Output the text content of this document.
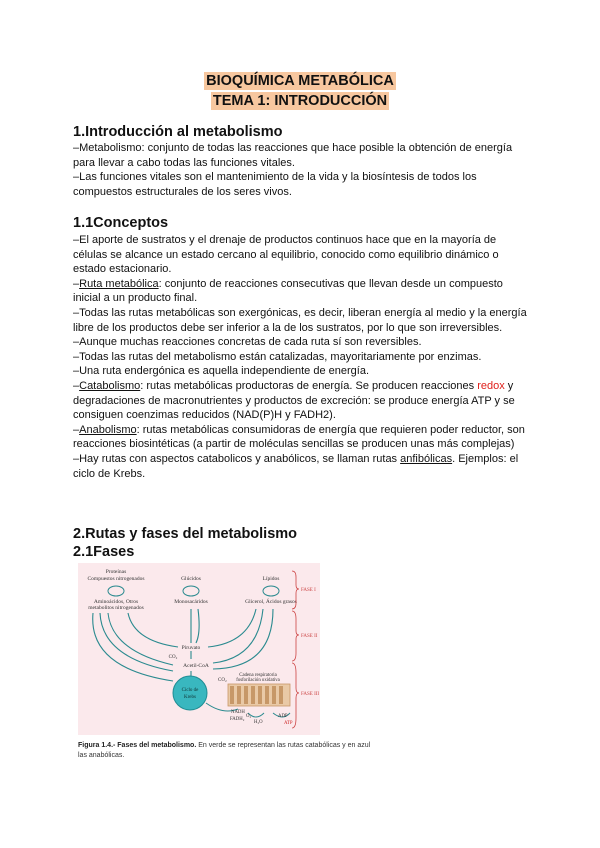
BIOQUÍMICA METABÓLICA
TEMA 1: INTRODUCCIÓN
1.Introducción al metabolismo

–Metabolismo: conjunto de todas las reacciones que hace posible la obtención de energía para llevar a cabo todas las funciones vitales.

–Las funciones vitales son el mantenimiento de la vida y la biosíntesis de todos los compuestos estructurales de los seres vivos.

1.1Conceptos

–El aporte de sustratos y el drenaje de productos continuos hace que en la mayoría de células se alcance un estado cercano al equilibrio, conocido como equilibrio dinámico o estado estacionario.

–Ruta metabólica: conjunto de reacciones consecutivas que llevan desde un compuesto inicial a un producto final.

–Todas las rutas metabólicas son exergónicas, es decir, liberan energía al medio y la energía libre de los productos debe ser inferior a la de los sustratos, por lo que son irreversibles.

–Aunque muchas reacciones concretas de cada ruta sí son reversibles.

–Todas las rutas del metabolismo están catalizadas, mayoritariamente por enzimas.

–Una ruta endergónica es aquella independiente de energía.

–Catabolismo: rutas metabólicas productoras de energía. Se producen reacciones redox y degradaciones de macronutrientes y productos de excreción: se produce energía ATP y se consiguen coenzimas reducidos (NAD(P)H y FADH2).

–Anabolismo: rutas metabólicas consumidoras de energía que requieren poder reductor, son reacciones biosintéticas (a partir de moléculas sencillas se producen unas más complejas)

–Hay rutas con aspectos catabolicos y anabólicos, se llaman rutas anfibólicas. Ejemplos: el ciclo de Krebs.

2.Rutas y fases del metabolismo
2.1Fases
Proteínas
Compuestos nitrogenados	Glúcidos	Lípidos
Aminoácidos, Otros
metabolitos nitrogenados
Monosacáridos	Glicerol, Ácidos grasos
Piruvato
CO₂
Acetil-CoA
Ciclo de
Krebs
CO₂
Cadena respiratoria
fosforilación oxidativa
NADH
FADH₂
H₂O
O₂	ADP
ATP
FASE I
FASE II
FASE III
Figura 1.4.- Fases del metabolismo. En verde se representan las rutas catabólicas y en azul las anabólicas.
